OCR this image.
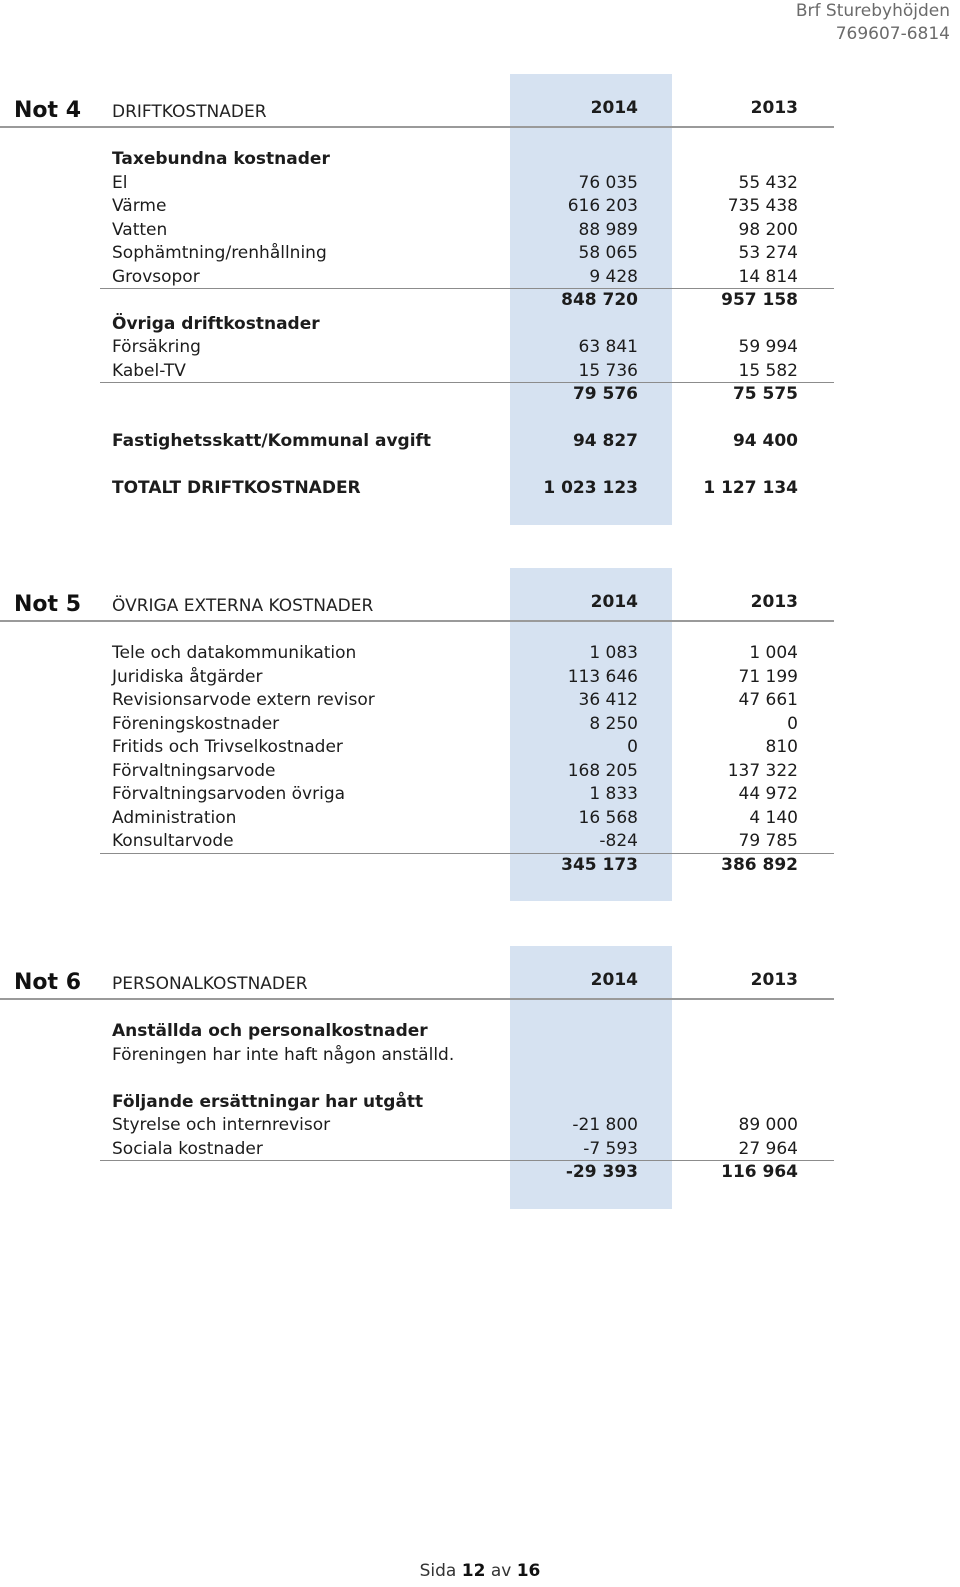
Brf Sturebyhöjden
769607-6814
Not 4 DRIFTKOSTNADER	2014	2013
Taxebundna kostnader
El	76 035	55 432
Värme	616 203	735 438
Vatten	88 989	98 200
Sophämtning/renhållning	58 065	53 274
Grovsopor	9 428	14 814
848 720	957 158
Övriga driftkostnader
Försäkring	63 841	59 994
Kabel-TV	15 736	15 582
79 576	75 575
Fastighetsskatt/Kommunal avgift	94 827	94 400
TOTALT DRIFTKOSTNADER	1 023 123	1 127 134
Not 5 ÖVRIGA EXTERNA KOSTNADER	2014	2013
Tele och datakommunikation	1 083	1 004
Juridiska åtgärder	113 646	71 199
Revisionsarvode extern revisor	36 412	47 661
Föreningskostnader	8 250	0
Fritids och Trivselkostnader	0	810
Förvaltningsarvode	168 205	137 322
Förvaltningsarvoden övriga	1 833	44 972
Administration	16 568	4 140
Konsultarvode	-824	79 785
345 173	386 892
Not 6 PERSONALKOSTNADER	2014	2013
Anställda och personalkostnader
Föreningen har inte haft någon anställd.
Följande ersättningar har utgått
Styrelse och internrevisor	-21 800	89 000
Sociala kostnader	-7 593	27 964
-29 393	116 964
Sida 12 av 16
